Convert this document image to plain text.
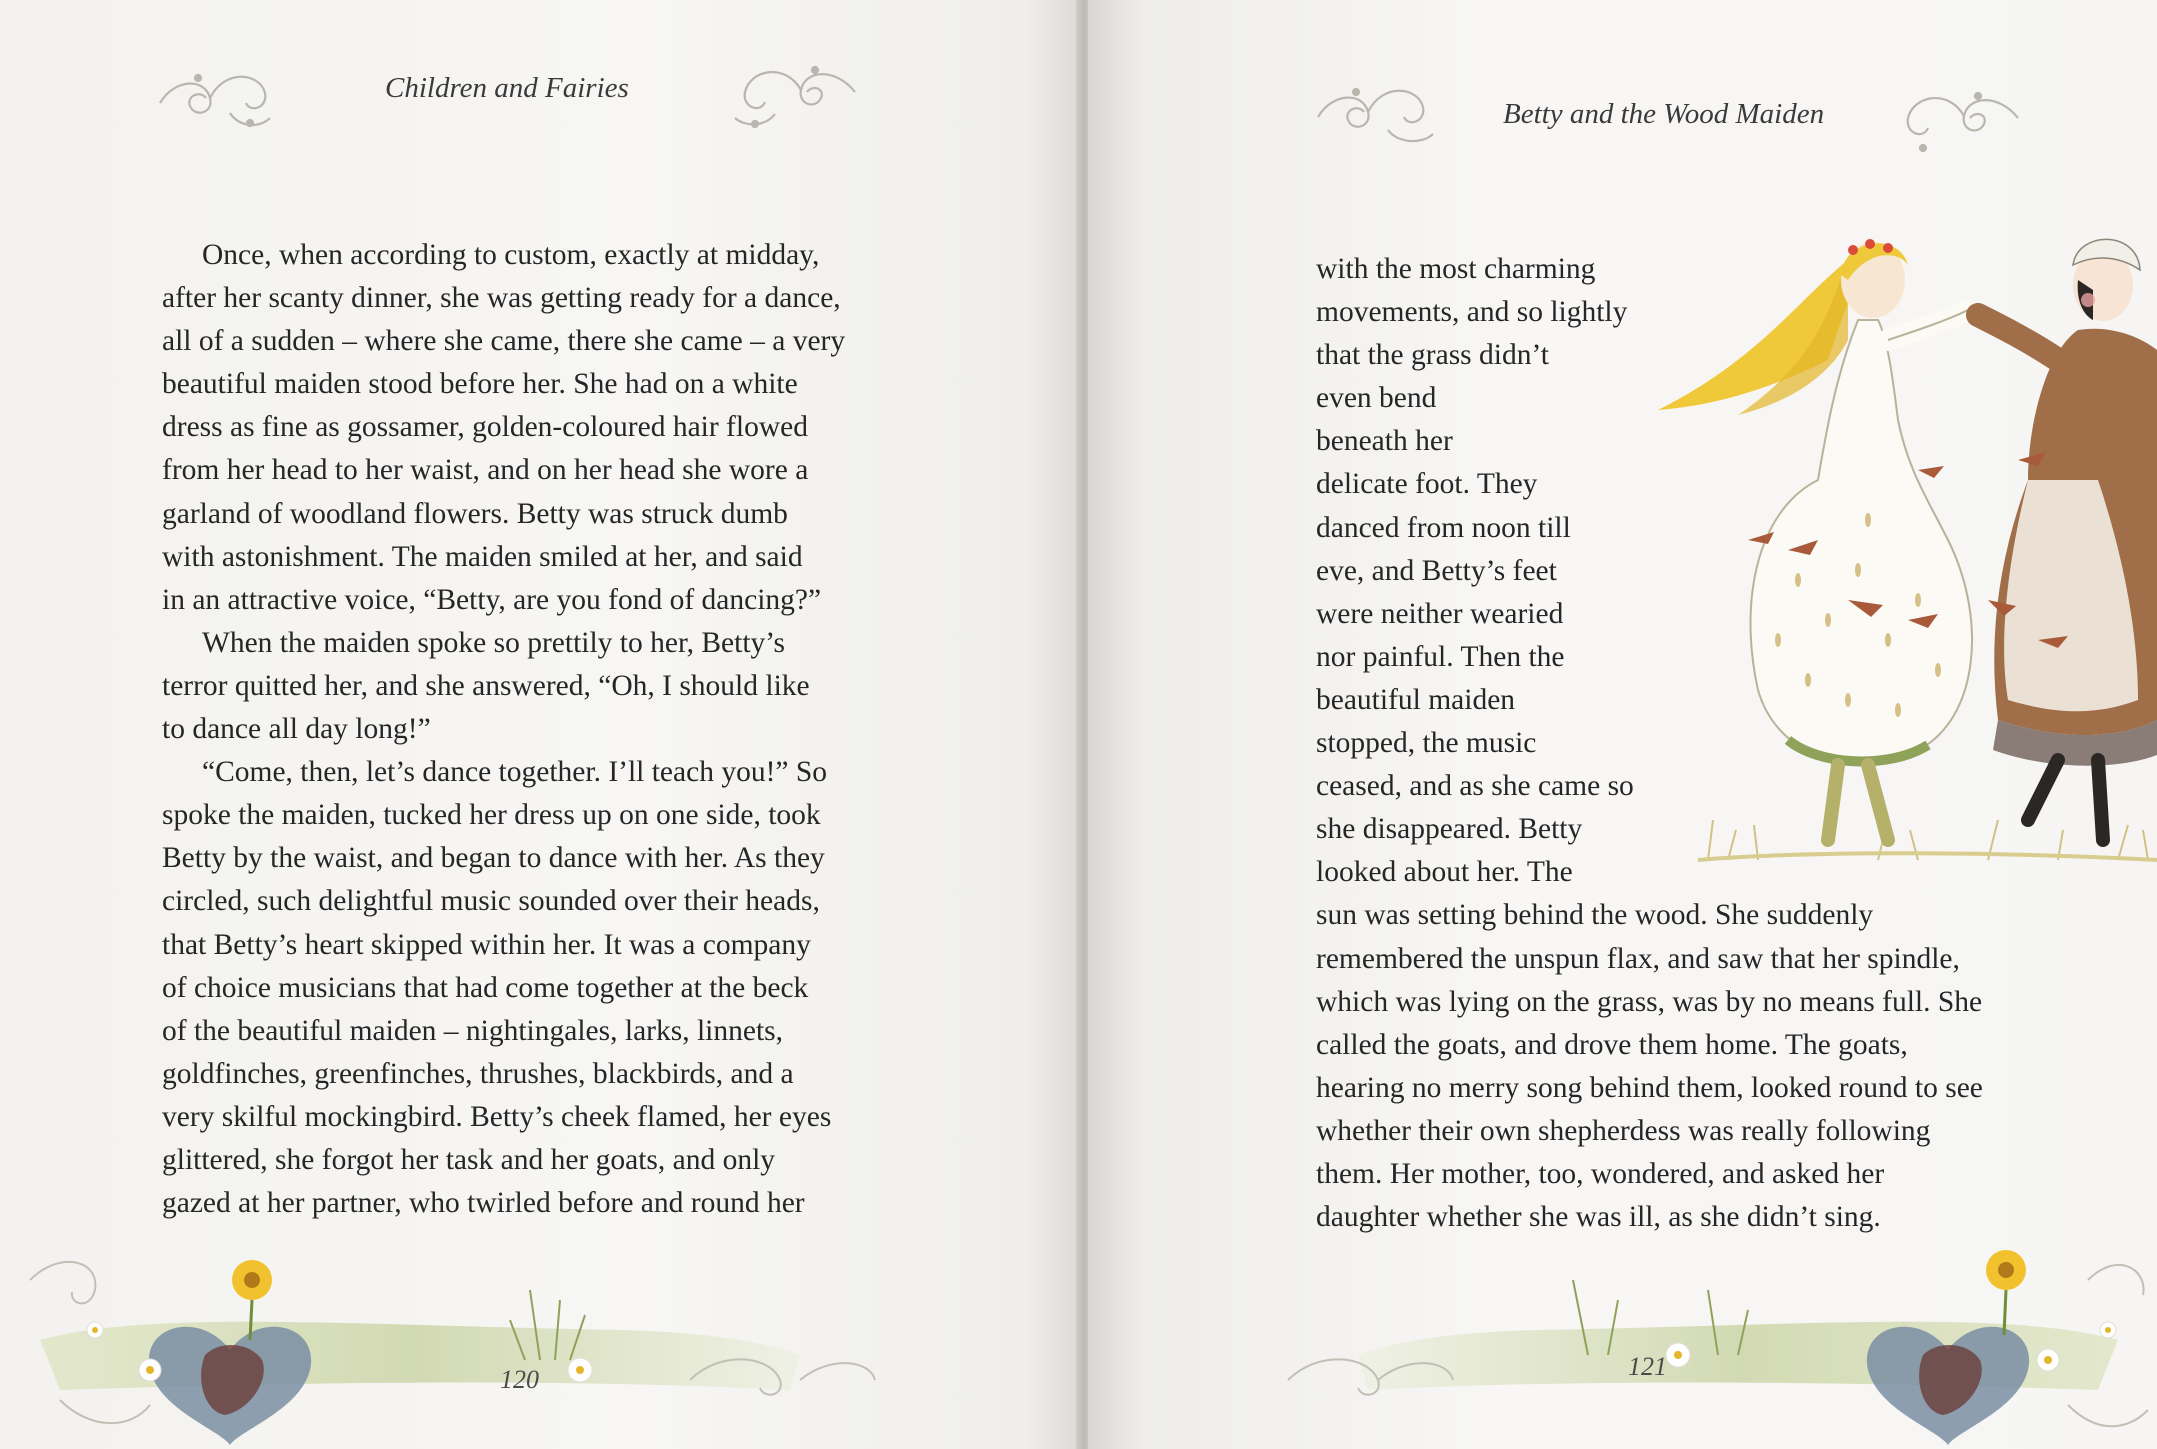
Children and Fairies
Once, when according to custom, exactly at midday,
after her scanty dinner, she was getting ready for a dance,
all of a sudden – where she came, there she came – a very
beautiful maiden stood before her. She had on a white
dress as fine as gossamer, golden-coloured hair flowed
from her head to her waist, and on her head she wore a
garland of woodland flowers. Betty was struck dumb
with astonishment. The maiden smiled at her, and said
in an attractive voice, “Betty, are you fond of dancing?”
When the maiden spoke so prettily to her, Betty’s
terror quitted her, and she answered, “Oh, I should like
to dance all day long!”
“Come, then, let’s dance together. I’ll teach you!” So
spoke the maiden, tucked her dress up on one side, took
Betty by the waist, and began to dance with her. As they
circled, such delightful music sounded over their heads,
that Betty’s heart skipped within her. It was a company
of choice musicians that had come together at the beck
of the beautiful maiden – nightingales, larks, linnets,
goldfinches, greenfinches, thrushes, blackbirds, and a
very skilful mockingbird. Betty’s cheek flamed, her eyes
glittered, she forgot her task and her goats, and only
gazed at her partner, who twirled before and round her
120
Betty and the Wood Maiden
with the most charming
movements, and so lightly
that the grass didn’t
even bend
beneath her
delicate foot. They
danced from noon till
eve, and Betty’s feet
were neither wearied
nor painful. Then the
beautiful maiden
stopped, the music
ceased, and as she came so
she disappeared. Betty
looked about her. The
sun was setting behind the wood. She suddenly
remembered the unspun flax, and saw that her spindle,
which was lying on the grass, was by no means full. She
called the goats, and drove them home. The goats,
hearing no merry song behind them, looked round to see
whether their own shepherdess was really following
them. Her mother, too, wondered, and asked her
daughter whether she was ill, as she didn’t sing.
121
